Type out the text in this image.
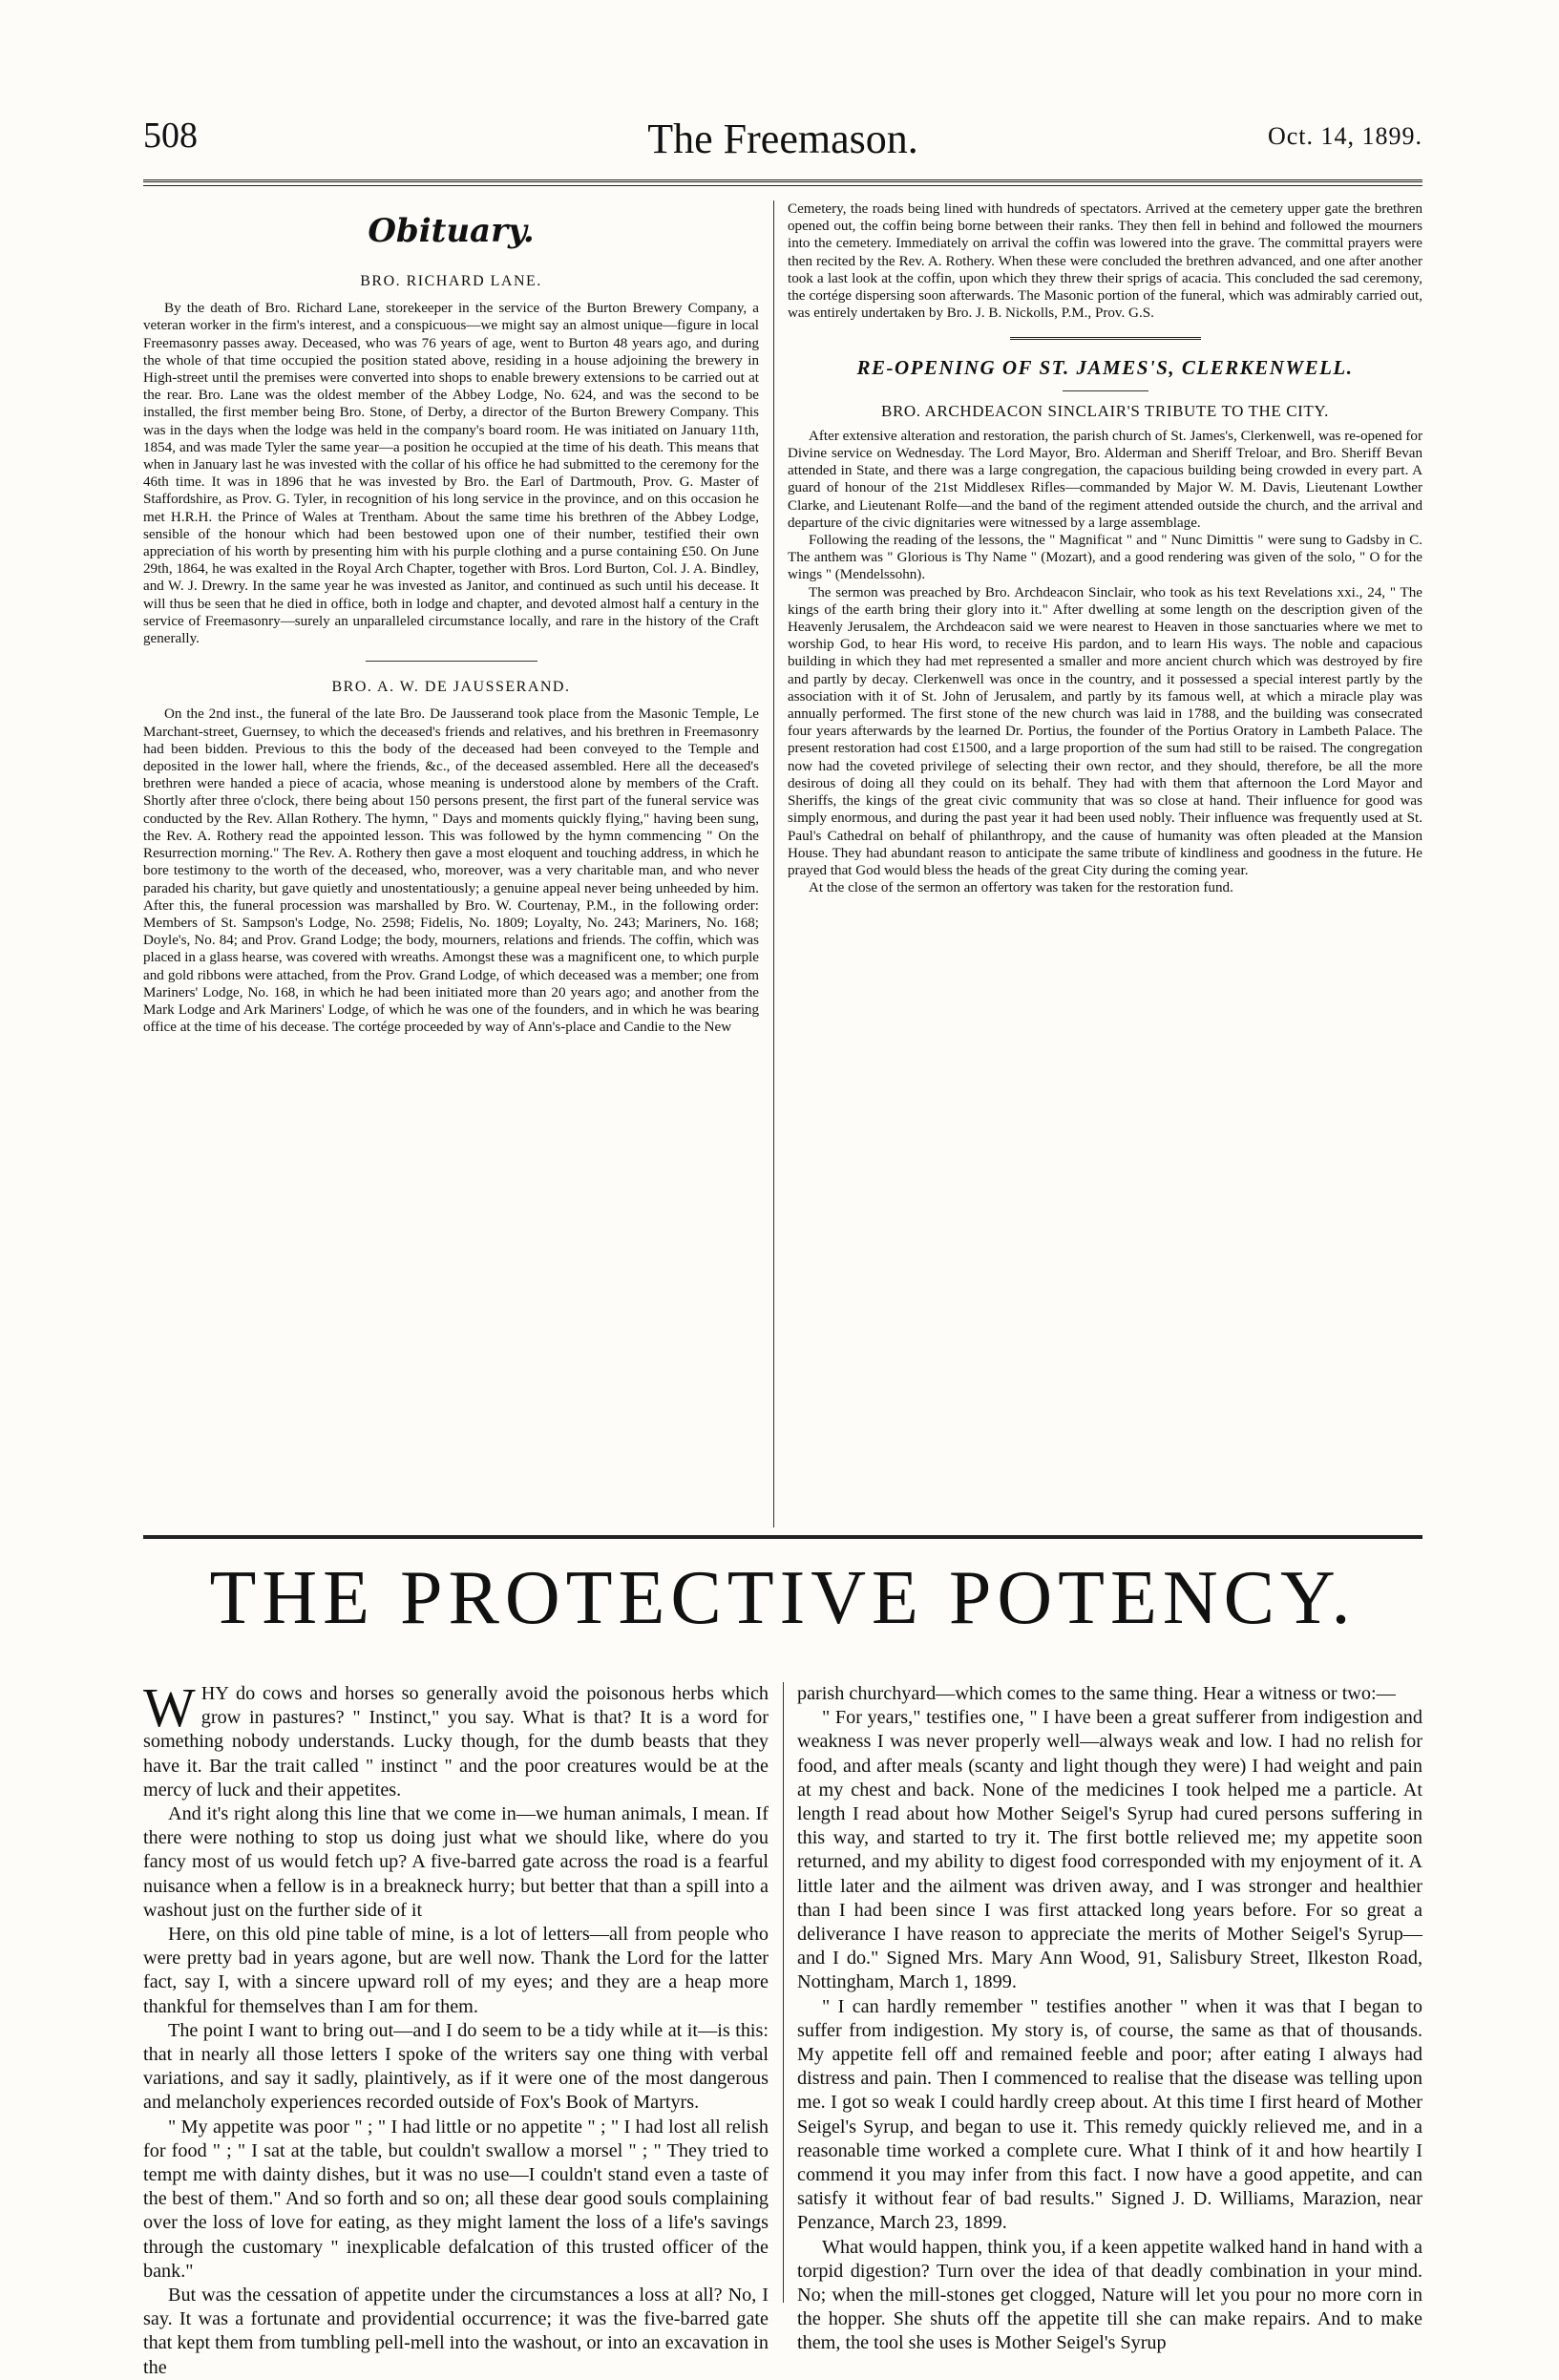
508	The Freemason.	Oct. 14, 1899.
Obituary.
BRO. RICHARD LANE.

By the death of Bro. Richard Lane, storekeeper in the service of the Burton Brewery Company, a veteran worker in the firm's interest, and a conspicuous—we might say an almost unique—figure in local Freemasonry passes away. Deceased, who was 76 years of age, went to Burton 48 years ago, and during the whole of that time occupied the position stated above, residing in a house adjoining the brewery in High-street until the premises were converted into shops to enable brewery extensions to be carried out at the rear. Bro. Lane was the oldest member of the Abbey Lodge, No. 624, and was the second to be installed, the first member being Bro. Stone, of Derby, a director of the Burton Brewery Company. This was in the days when the lodge was held in the company's board room. He was initiated on January 11th, 1854, and was made Tyler the same year—a position he occupied at the time of his death. This means that when in January last he was invested with the collar of his office he had submitted to the ceremony for the 46th time. It was in 1896 that he was invested by Bro. the Earl of Dartmouth, Prov. G. Master of Staffordshire, as Prov. G. Tyler, in recognition of his long service in the province, and on this occasion he met H.R.H. the Prince of Wales at Trentham. About the same time his brethren of the Abbey Lodge, sensible of the honour which had been bestowed upon one of their number, testified their own appreciation of his worth by presenting him with his purple clothing and a purse containing £50. On June 29th, 1864, he was exalted in the Royal Arch Chapter, together with Bros. Lord Burton, Col. J. A. Bindley, and W. J. Drewry. In the same year he was invested as Janitor, and continued as such until his decease. It will thus be seen that he died in office, both in lodge and chapter, and devoted almost half a century in the service of Freemasonry—surely an unparalleled circumstance locally, and rare in the history of the Craft generally.

BRO. A. W. DE JAUSSERAND.

On the 2nd inst., the funeral of the late Bro. De Jausserand took place from the Masonic Temple, Le Marchant-street, Guernsey, to which the deceased's friends and relatives, and his brethren in Freemasonry had been bidden. Previous to this the body of the deceased had been conveyed to the Temple and deposited in the lower hall, where the friends, &c., of the deceased assembled. Here all the deceased's brethren were handed a piece of acacia, whose meaning is understood alone by members of the Craft. Shortly after three o'clock, there being about 150 persons present, the first part of the funeral service was conducted by the Rev. Allan Rothery. The hymn, " Days and moments quickly flying," having been sung, the Rev. A. Rothery read the appointed lesson. This was followed by the hymn commencing " On the Resurrection morning." The Rev. A. Rothery then gave a most eloquent and touching address, in which he bore testimony to the worth of the deceased, who, moreover, was a very charitable man, and who never paraded his charity, but gave quietly and unostentatiously; a genuine appeal never being unheeded by him. After this, the funeral procession was marshalled by Bro. W. Courtenay, P.M., in the following order: Members of St. Sampson's Lodge, No. 2598; Fidelis, No. 1809; Loyalty, No. 243; Mariners, No. 168; Doyle's, No. 84; and Prov. Grand Lodge; the body, mourners, relations and friends. The coffin, which was placed in a glass hearse, was covered with wreaths. Amongst these was a magnificent one, to which purple and gold ribbons were attached, from the Prov. Grand Lodge, of which deceased was a member; one from Mariners' Lodge, No. 168, in which he had been initiated more than 20 years ago; and another from the Mark Lodge and Ark Mariners' Lodge, of which he was one of the founders, and in which he was bearing office at the time of his decease. The cortége proceeded by way of Ann's-place and Candie to the New

Cemetery, the roads being lined with hundreds of spectators. Arrived at the cemetery upper gate the brethren opened out, the coffin being borne between their ranks. They then fell in behind and followed the mourners into the cemetery. Immediately on arrival the coffin was lowered into the grave. The committal prayers were then recited by the Rev. A. Rothery. When these were concluded the brethren advanced, and one after another took a last look at the coffin, upon which they threw their sprigs of acacia. This concluded the sad ceremony, the cortége dispersing soon afterwards. The Masonic portion of the funeral, which was admirably carried out, was entirely undertaken by Bro. J. B. Nickolls, P.M., Prov. G.S.

RE-OPENING OF ST. JAMES'S, CLERKENWELL.
BRO. ARCHDEACON SINCLAIR'S TRIBUTE TO THE CITY.

After extensive alteration and restoration, the parish church of St. James's, Clerkenwell, was re-opened for Divine service on Wednesday. The Lord Mayor, Bro. Alderman and Sheriff Treloar, and Bro. Sheriff Bevan attended in State, and there was a large congregation, the capacious building being crowded in every part. A guard of honour of the 21st Middlesex Rifles—commanded by Major W. M. Davis, Lieutenant Lowther Clarke, and Lieutenant Rolfe—and the band of the regiment attended outside the church, and the arrival and departure of the civic dignitaries were witnessed by a large assemblage.

Following the reading of the lessons, the " Magnificat " and " Nunc Dimittis " were sung to Gadsby in C. The anthem was " Glorious is Thy Name " (Mozart), and a good rendering was given of the solo, " O for the wings " (Mendelssohn).

The sermon was preached by Bro. Archdeacon Sinclair, who took as his text Revelations xxi., 24, " The kings of the earth bring their glory into it." After dwelling at some length on the description given of the Heavenly Jerusalem, the Archdeacon said we were nearest to Heaven in those sanctuaries where we met to worship God, to hear His word, to receive His pardon, and to learn His ways. The noble and capacious building in which they had met represented a smaller and more ancient church which was destroyed by fire and partly by decay. Clerkenwell was once in the country, and it possessed a special interest partly by the association with it of St. John of Jerusalem, and partly by its famous well, at which a miracle play was annually performed. The first stone of the new church was laid in 1788, and the building was consecrated four years afterwards by the learned Dr. Portius, the founder of the Portius Oratory in Lambeth Palace. The present restoration had cost £1500, and a large proportion of the sum had still to be raised. The congregation now had the coveted privilege of selecting their own rector, and they should, therefore, be all the more desirous of doing all they could on its behalf. They had with them that afternoon the Lord Mayor and Sheriffs, the kings of the great civic community that was so close at hand. Their influence for good was simply enormous, and during the past year it had been used nobly. Their influence was frequently used at St. Paul's Cathedral on behalf of philanthropy, and the cause of humanity was often pleaded at the Mansion House. They had abundant reason to anticipate the same tribute of kindliness and goodness in the future. He prayed that God would bless the heads of the great City during the coming year.

At the close of the sermon an offertory was taken for the restoration fund.

THE PROTECTIVE POTENCY.

WHY do cows and horses so generally avoid the poisonous herbs which grow in pastures? " Instinct," you say. What is that? It is a word for something nobody understands. Lucky though, for the dumb beasts that they have it. Bar the trait called " instinct " and the poor creatures would be at the mercy of luck and their appetites.

And it's right along this line that we come in—we human animals, I mean. If there were nothing to stop us doing just what we should like, where do you fancy most of us would fetch up? A five-barred gate across the road is a fearful nuisance when a fellow is in a breakneck hurry; but better that than a spill into a washout just on the further side of it

Here, on this old pine table of mine, is a lot of letters—all from people who were pretty bad in years agone, but are well now. Thank the Lord for the latter fact, say I, with a sincere upward roll of my eyes; and they are a heap more thankful for themselves than I am for them.

The point I want to bring out—and I do seem to be a tidy while at it—is this: that in nearly all those letters I spoke of the writers say one thing with verbal variations, and say it sadly, plaintively, as if it were one of the most dangerous and melancholy experiences recorded outside of Fox's Book of Martyrs.

" My appetite was poor " ; " I had little or no appetite " ; " I had lost all relish for food " ; " I sat at the table, but couldn't swallow a morsel " ; " They tried to tempt me with dainty dishes, but it was no use—I couldn't stand even a taste of the best of them." And so forth and so on; all these dear good souls complaining over the loss of love for eating, as they might lament the loss of a life's savings through the customary " inexplicable defalcation of this trusted officer of the bank."

But was the cessation of appetite under the circumstances a loss at all? No, I say. It was a fortunate and providential occurrence; it was the five-barred gate that kept them from tumbling pell-mell into the washout, or into an excavation in the

parish churchyard—which comes to the same thing. Hear a witness or two:—

" For years," testifies one, " I have been a great sufferer from indigestion and weakness I was never properly well—always weak and low. I had no relish for food, and after meals (scanty and light though they were) I had weight and pain at my chest and back. None of the medicines I took helped me a particle. At length I read about how Mother Seigel's Syrup had cured persons suffering in this way, and started to try it. The first bottle relieved me; my appetite soon returned, and my ability to digest food corresponded with my enjoyment of it. A little later and the ailment was driven away, and I was stronger and healthier than I had been since I was first attacked long years before. For so great a deliverance I have reason to appreciate the merits of Mother Seigel's Syrup—and I do." Signed Mrs. Mary Ann Wood, 91, Salisbury Street, Ilkeston Road, Nottingham, March 1, 1899.

" I can hardly remember " testifies another " when it was that I began to suffer from indigestion. My story is, of course, the same as that of thousands. My appetite fell off and remained feeble and poor; after eating I always had distress and pain. Then I commenced to realise that the disease was telling upon me. I got so weak I could hardly creep about. At this time I first heard of Mother Seigel's Syrup, and began to use it. This remedy quickly relieved me, and in a reasonable time worked a complete cure. What I think of it and how heartily I commend it you may infer from this fact. I now have a good appetite, and can satisfy it without fear of bad results." Signed J. D. Williams, Marazion, near Penzance, March 23, 1899.

What would happen, think you, if a keen appetite walked hand in hand with a torpid digestion? Turn over the idea of that deadly combination in your mind. No; when the mill-stones get clogged, Nature will let you pour no more corn in the hopper. She shuts off the appetite till she can make repairs. And to make them, the tool she uses is Mother Seigel's Syrup
